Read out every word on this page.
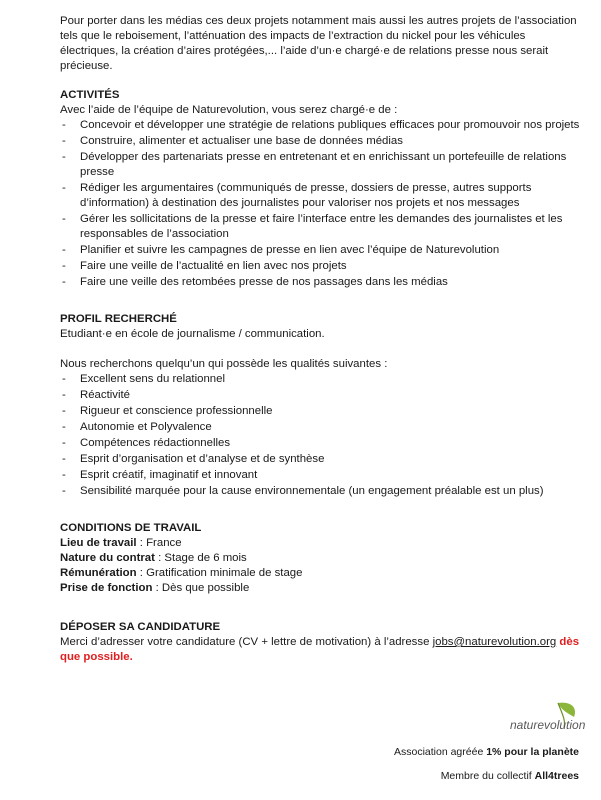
Pour porter dans les médias ces deux projets notamment mais aussi les autres projets de l’association tels que le reboisement, l’atténuation des impacts de l’extraction du nickel pour les véhicules électriques, la création d’aires protégées,... l’aide d’un·e chargé·e de relations presse nous serait précieuse.

ACTIVITÉS

Avec l’aide de l’équipe de Naturevolution, vous serez chargé·e de :

- Concevoir et développer une stratégie de relations publiques efficaces pour promouvoir nos projets
- Construire, alimenter et actualiser une base de données médias
- Développer des partenariats presse en entretenant et en enrichissant un portefeuille de relations presse
- Rédiger les argumentaires (communiqués de presse, dossiers de presse, autres supports d’information) à destination des journalistes pour valoriser nos projets et nos messages
- Gérer les sollicitations de la presse et faire l’interface entre les demandes des journalistes et les responsables de l’association
- Planifier et suivre les campagnes de presse en lien avec l’équipe de Naturevolution
- Faire une veille de l’actualité en lien avec nos projets
- Faire une veille des retombées presse de nos passages dans les médias

PROFIL RECHERCHÉ

Etudiant·e en école de journalisme / communication.

Nous recherchons quelqu’un qui possède les qualités suivantes :

- Excellent sens du relationnel
- Réactivité
- Rigueur et conscience professionnelle
- Autonomie et Polyvalence
- Compétences rédactionnelles
- Esprit d’organisation et d’analyse et de synthèse
- Esprit créatif, imaginatif et innovant
- Sensibilité marquée pour la cause environnementale (un engagement préalable est un plus)

CONDITIONS DE TRAVAIL

Lieu de travail : France

Nature du contrat : Stage de 6 mois

Rémunération : Gratification minimale de stage

Prise de fonction : Dès que possible

DÉPOSER SA CANDIDATURE

Merci d’adresser votre candidature (CV + lettre de motivation) à l’adresse jobs@naturevolution.org dès que possible.

naturevolution
Association agréée 1% pour la planète
Membre du collectif All4trees
